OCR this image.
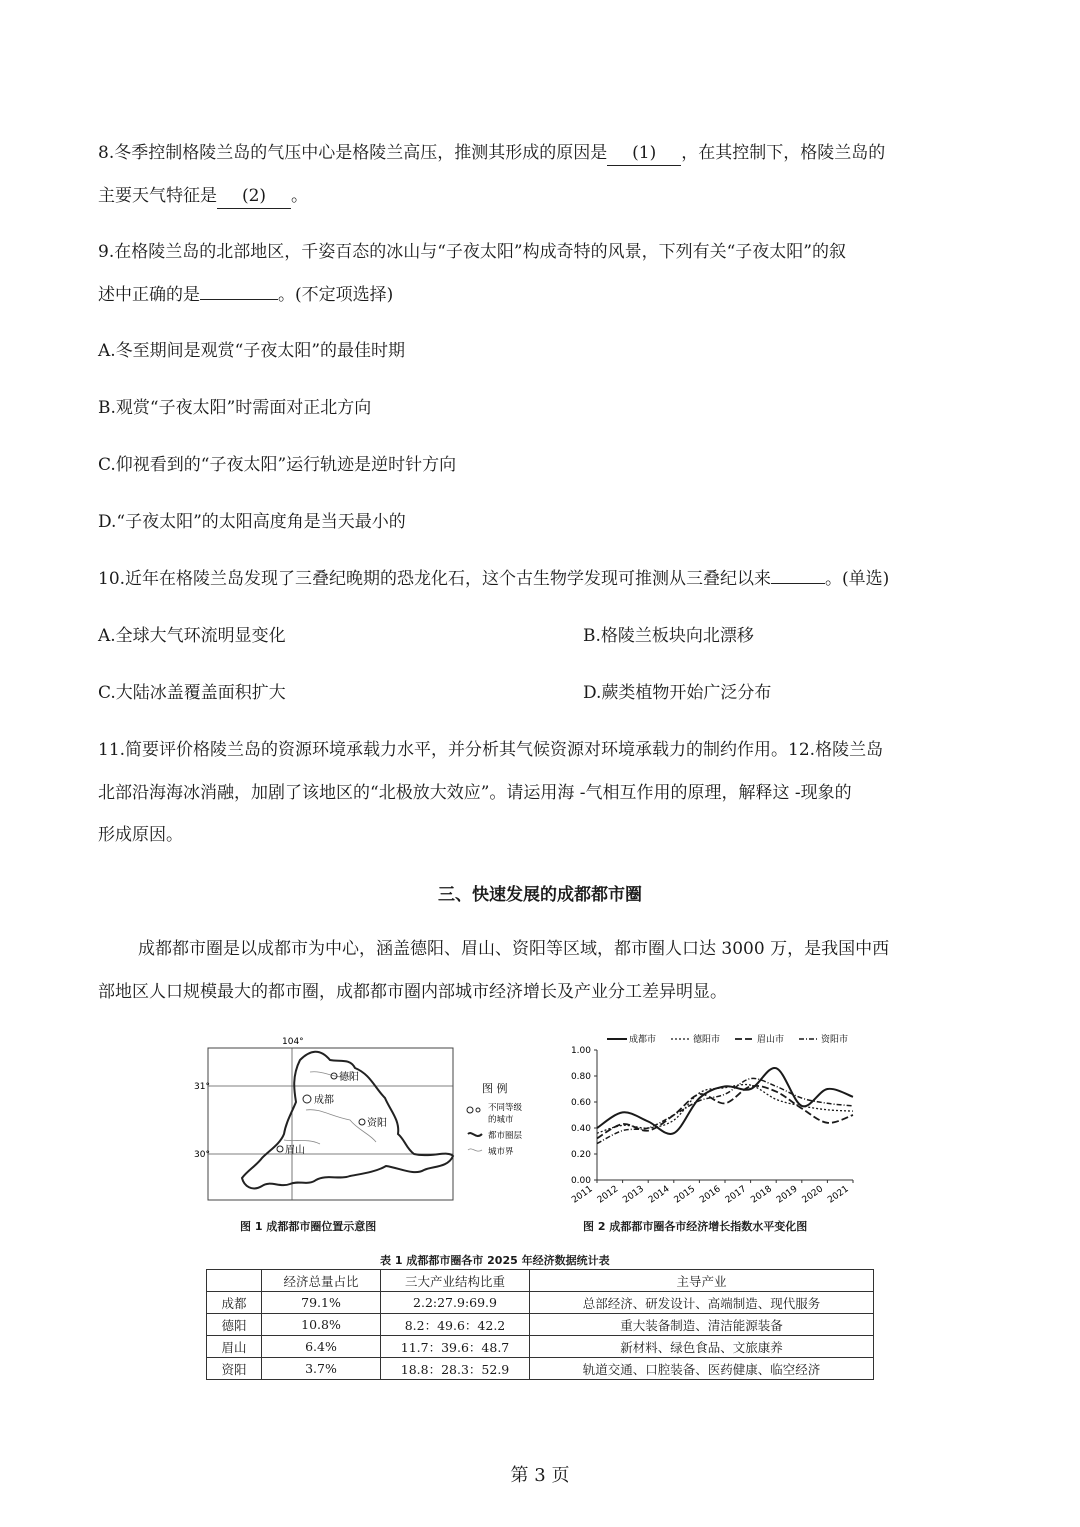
8.冬季控制格陵兰岛的气压中心是格陵兰高压，推测其形成的原因是 (1) ，在其控制下，格陵兰岛的
主要天气特征是 (2) 。
9.在格陵兰岛的北部地区，千姿百态的冰山与“子夜太阳”构成奇特的风景，下列有关“子夜太阳”的叙
述中正确的是	。(不定项选择)
A.冬至期间是观赏“子夜太阳”的最佳时期
B.观赏“子夜太阳”时需面对正北方向
C.仰视看到的“子夜太阳”运行轨迹是逆时针方向
D.“子夜太阳”的太阳高度角是当天最小的
10.近年在格陵兰岛发现了三叠纪晚期的恐龙化石，这个古生物学发现可推测从三叠纪以来	。(单选)
A.全球大气环流明显变化	B.格陵兰板块向北漂移
C.大陆冰盖覆盖面积扩大	D.蕨类植物开始广泛分布
11.简要评价格陵兰岛的资源环境承载力水平，并分析其气候资源对环境承载力的制约作用。12.格陵兰岛
北部沿海海冰消融，加剧了该地区的“北极放大效应”。请运用海 -气相互作用的原理，解释这 -现象的
形成原因。
三、快速发展的成都都市圈
成都都市圈是以成都市为中心，涵盖德阳、眉山、资阳等区域，都市圈人口达 3000 万，是我国中西
部地区人口规模最大的都市圈，成都都市圈内部城市经济增长及产业分工差异明显。
104°
31°
30°
德阳
成都
资阳
眉山
图 例
不同等级
的城市
都市圈层
城市界
图 1 成都都市圈位置示意图
0.00
0.20
0.40
0.60
0.80
1.00
2011 2012 2013 2014 2015 2016 2017 2018 2019 2020 2021
成都市	德阳市	眉山市	资阳市
图 2 成都都市圈各市经济增长指数水平变化图
表 1 成都都市圈各市 2025 年经济数据统计表
	经济总量占比	三大产业结构比重	主导产业
成都	79.1%	2.2:27.9:69.9	总部经济、研发设计、高端制造、现代服务
德阳	10.8%	8.2：49.6：42.2	重大装备制造、清洁能源装备
眉山	6.4%	11.7：39.6：48.7	新材料、绿色食品、文旅康养
资阳	3.7%	18.8：28.3：52.9	轨道交通、口腔装备、医药健康、临空经济
第 3 页
